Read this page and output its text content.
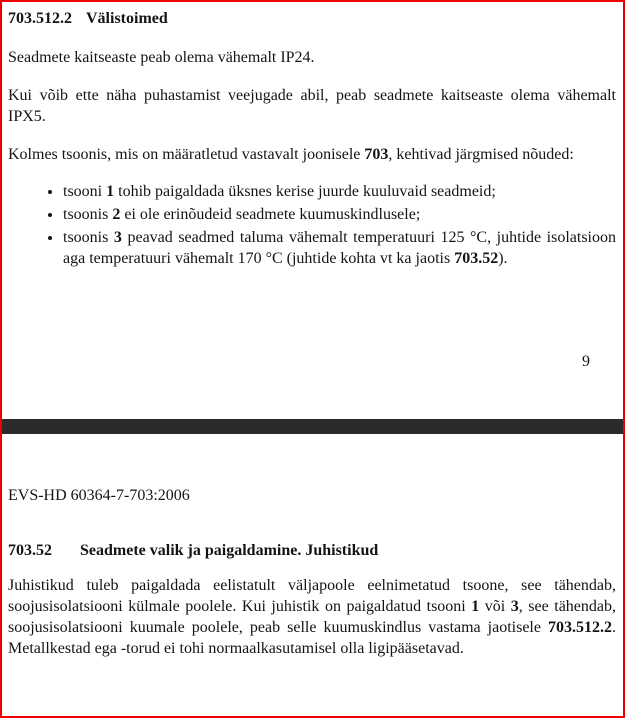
703.512.2 Välistoimed

Seadmete kaitseaste peab olema vähemalt IP24.

Kui võib ette näha puhastamist veejugade abil, peab seadmete kaitseaste olema vähemalt IPX5.

Kolmes tsoonis, mis on määratletud vastavalt joonisele 703, kehtivad järgmised nõuded:

• tsooni 1 tohib paigaldada üksnes kerise juurde kuuluvaid seadmeid;
• tsoonis 2 ei ole erinõudeid seadmete kuumuskindlusele;
• tsoonis 3 peavad seadmed taluma vähemalt temperatuuri 125 °C, juhtide isolatsioon aga temperatuuri vähemalt 170 °C (juhtide kohta vt ka jaotis 703.52).
9

EVS-HD 60364-7-703:2006

703.52 Seadmete valik ja paigaldamine. Juhistikud

Juhistikud tuleb paigaldada eelistatult väljapoole eelnimetatud tsoone, see tähendab, soojusisolatsiooni külmale poolele. Kui juhistik on paigaldatud tsooni 1 või 3, see tähendab, soojusisolatsiooni kuumale poolele, peab selle kuumuskindlus vastama jaotisele 703.512.2. Metallkestad ega -torud ei tohi normaalkasutamisel olla ligipääsetavad.
